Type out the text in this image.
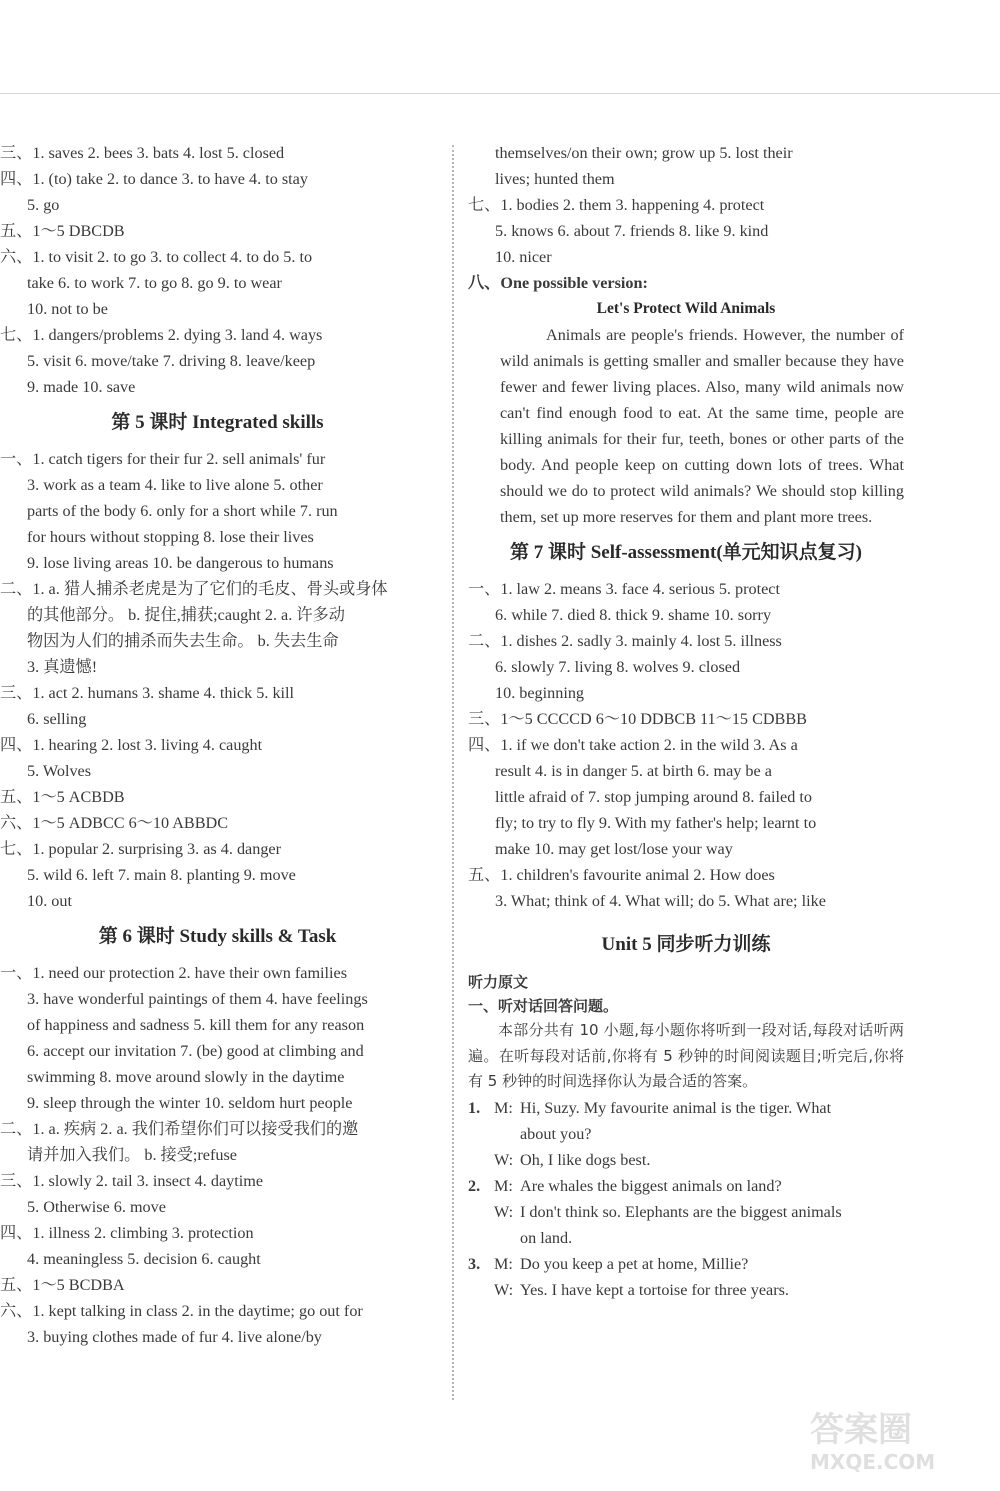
三、1. saves 2. bees 3. bats 4. lost 5. closed
四、1. (to) take 2. to dance 3. to have 4. to stay
5. go
五、1～5 DBCDB
六、1. to visit 2. to go 3. to collect 4. to do 5. to
take 6. to work 7. to go 8. go 9. to wear
10. not to be
七、1. dangers/problems 2. dying 3. land 4. ways
5. visit 6. move/take 7. driving 8. leave/keep
9. made 10. save
第 5 课时 Integrated skills
一、1. catch tigers for their fur 2. sell animals' fur
3. work as a team 4. like to live alone 5. other
parts of the body 6. only for a short while 7. run
for hours without stopping 8. lose their lives
9. lose living areas 10. be dangerous to humans
二、1. a. 猎人捕杀老虎是为了它们的毛皮、骨头或身体
的其他部分。 b. 捉住,捕获;caught 2. a. 许多动
物因为人们的捕杀而失去生命。 b. 失去生命
3. 真遗憾!
三、1. act 2. humans 3. shame 4. thick 5. kill
6. selling
四、1. hearing 2. lost 3. living 4. caught
5. Wolves
五、1～5 ACBDB
六、1～5 ADBCC 6～10 ABBDC
七、1. popular 2. surprising 3. as 4. danger
5. wild 6. left 7. main 8. planting 9. move
10. out
第 6 课时 Study skills & Task
一、1. need our protection 2. have their own families
3. have wonderful paintings of them 4. have feelings
of happiness and sadness 5. kill them for any reason
6. accept our invitation 7. (be) good at climbing and
swimming 8. move around slowly in the daytime
9. sleep through the winter 10. seldom hurt people
二、1. a. 疾病 2. a. 我们希望你们可以接受我们的邀
请并加入我们。 b. 接受;refuse
三、1. slowly 2. tail 3. insect 4. daytime
5. Otherwise 6. move
四、1. illness 2. climbing 3. protection
4. meaningless 5. decision 6. caught
五、1～5 BCDBA
六、1. kept talking in class 2. in the daytime; go out for
3. buying clothes made of fur 4. live alone/by
themselves/on their own; grow up 5. lost their
lives; hunted them
七、1. bodies 2. them 3. happening 4. protect
5. knows 6. about 7. friends 8. like 9. kind
10. nicer
八、One possible version:
Let's Protect Wild Animals
Animals are people's friends. However, the number of wild animals is getting smaller and smaller because they have fewer and fewer living places. Also, many wild animals now can't find enough food to eat. At the same time, people are killing animals for their fur, teeth, bones or other parts of the body. And people keep on cutting down lots of trees. What should we do to protect wild animals? We should stop killing them, set up more reserves for them and plant more trees.
第 7 课时 Self-assessment(单元知识点复习)
一、1. law 2. means 3. face 4. serious 5. protect
6. while 7. died 8. thick 9. shame 10. sorry
二、1. dishes 2. sadly 3. mainly 4. lost 5. illness
6. slowly 7. living 8. wolves 9. closed
10. beginning
三、1～5 CCCCD 6～10 DDBCB 11～15 CDBBB
四、1. if we don't take action 2. in the wild 3. As a
result 4. is in danger 5. at birth 6. may be a
little afraid of 7. stop jumping around 8. failed to
fly; to try to fly 9. With my father's help; learnt to
make 10. may get lost/lose your way
五、1. children's favourite animal 2. How does
3. What; think of 4. What will; do 5. What are; like
Unit 5 同步听力训练
听力原文
一、听对话回答问题。
本部分共有 10 小题,每小题你将听到一段对话,每段对话听两遍。在听每段对话前,你将有 5 秒钟的时间阅读题目;听完后,你将有 5 秒钟的时间选择你认为最合适的答案。
1. M: Hi, Suzy. My favourite animal is the tiger. What
about you?
W: Oh, I like dogs best.
2. M: Are whales the biggest animals on land?
W: I don't think so. Elephants are the biggest animals
on land.
3. M: Do you keep a pet at home, Millie?
W: Yes. I have kept a tortoise for three years.
答案圈
MXQE.COM
